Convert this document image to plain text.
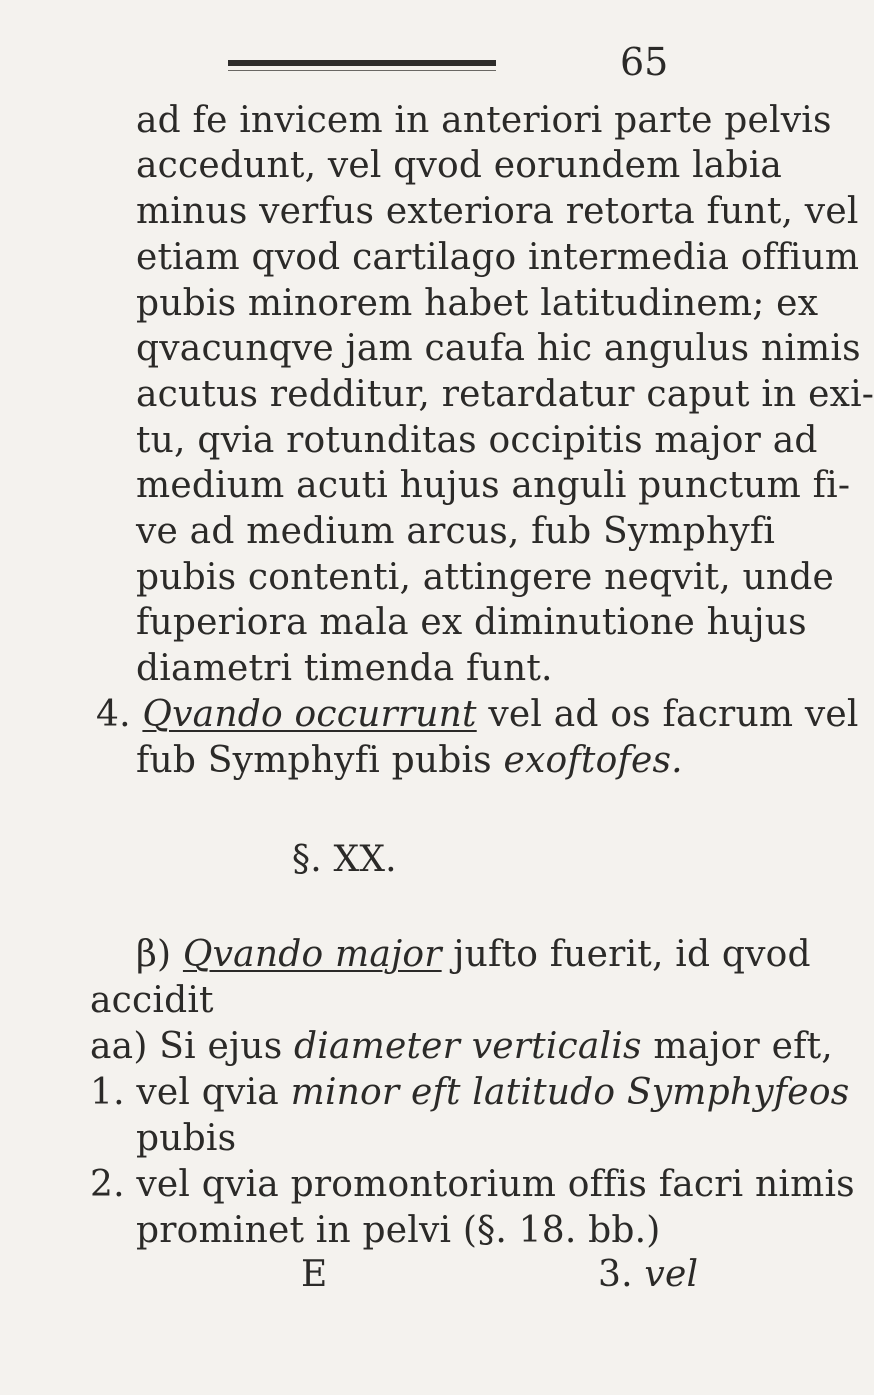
65
ad fe invicem in anteriori parte pelvis
accedunt, vel qvod eorundem labia
minus verfus exteriora retorta funt, vel
etiam qvod cartilago intermedia offium
pubis minorem habet latitudinem; ex
qvacunqve jam caufa hic angulus nimis
acutus redditur, retardatur caput in exi-
tu, qvia rotunditas occipitis major ad
medium acuti hujus anguli punctum fi-
ve ad medium arcus, fub Symphyfi
pubis contenti, attingere neqvit, unde
fuperiora mala ex diminutione hujus
diametri timenda funt.
4. Qvando occurrunt vel ad os facrum vel
fub Symphyfi pubis exoftofes.
§. XX.
β) Qvando major jufto fuerit, id qvod
accidit
aa) Si ejus diameter verticalis major eft,
1. vel qvia minor eft latitudo Symphyfeos
pubis
2. vel qvia promontorium offis facri nimis
prominet in pelvi (§. 18. bb.)
E	3. vel
